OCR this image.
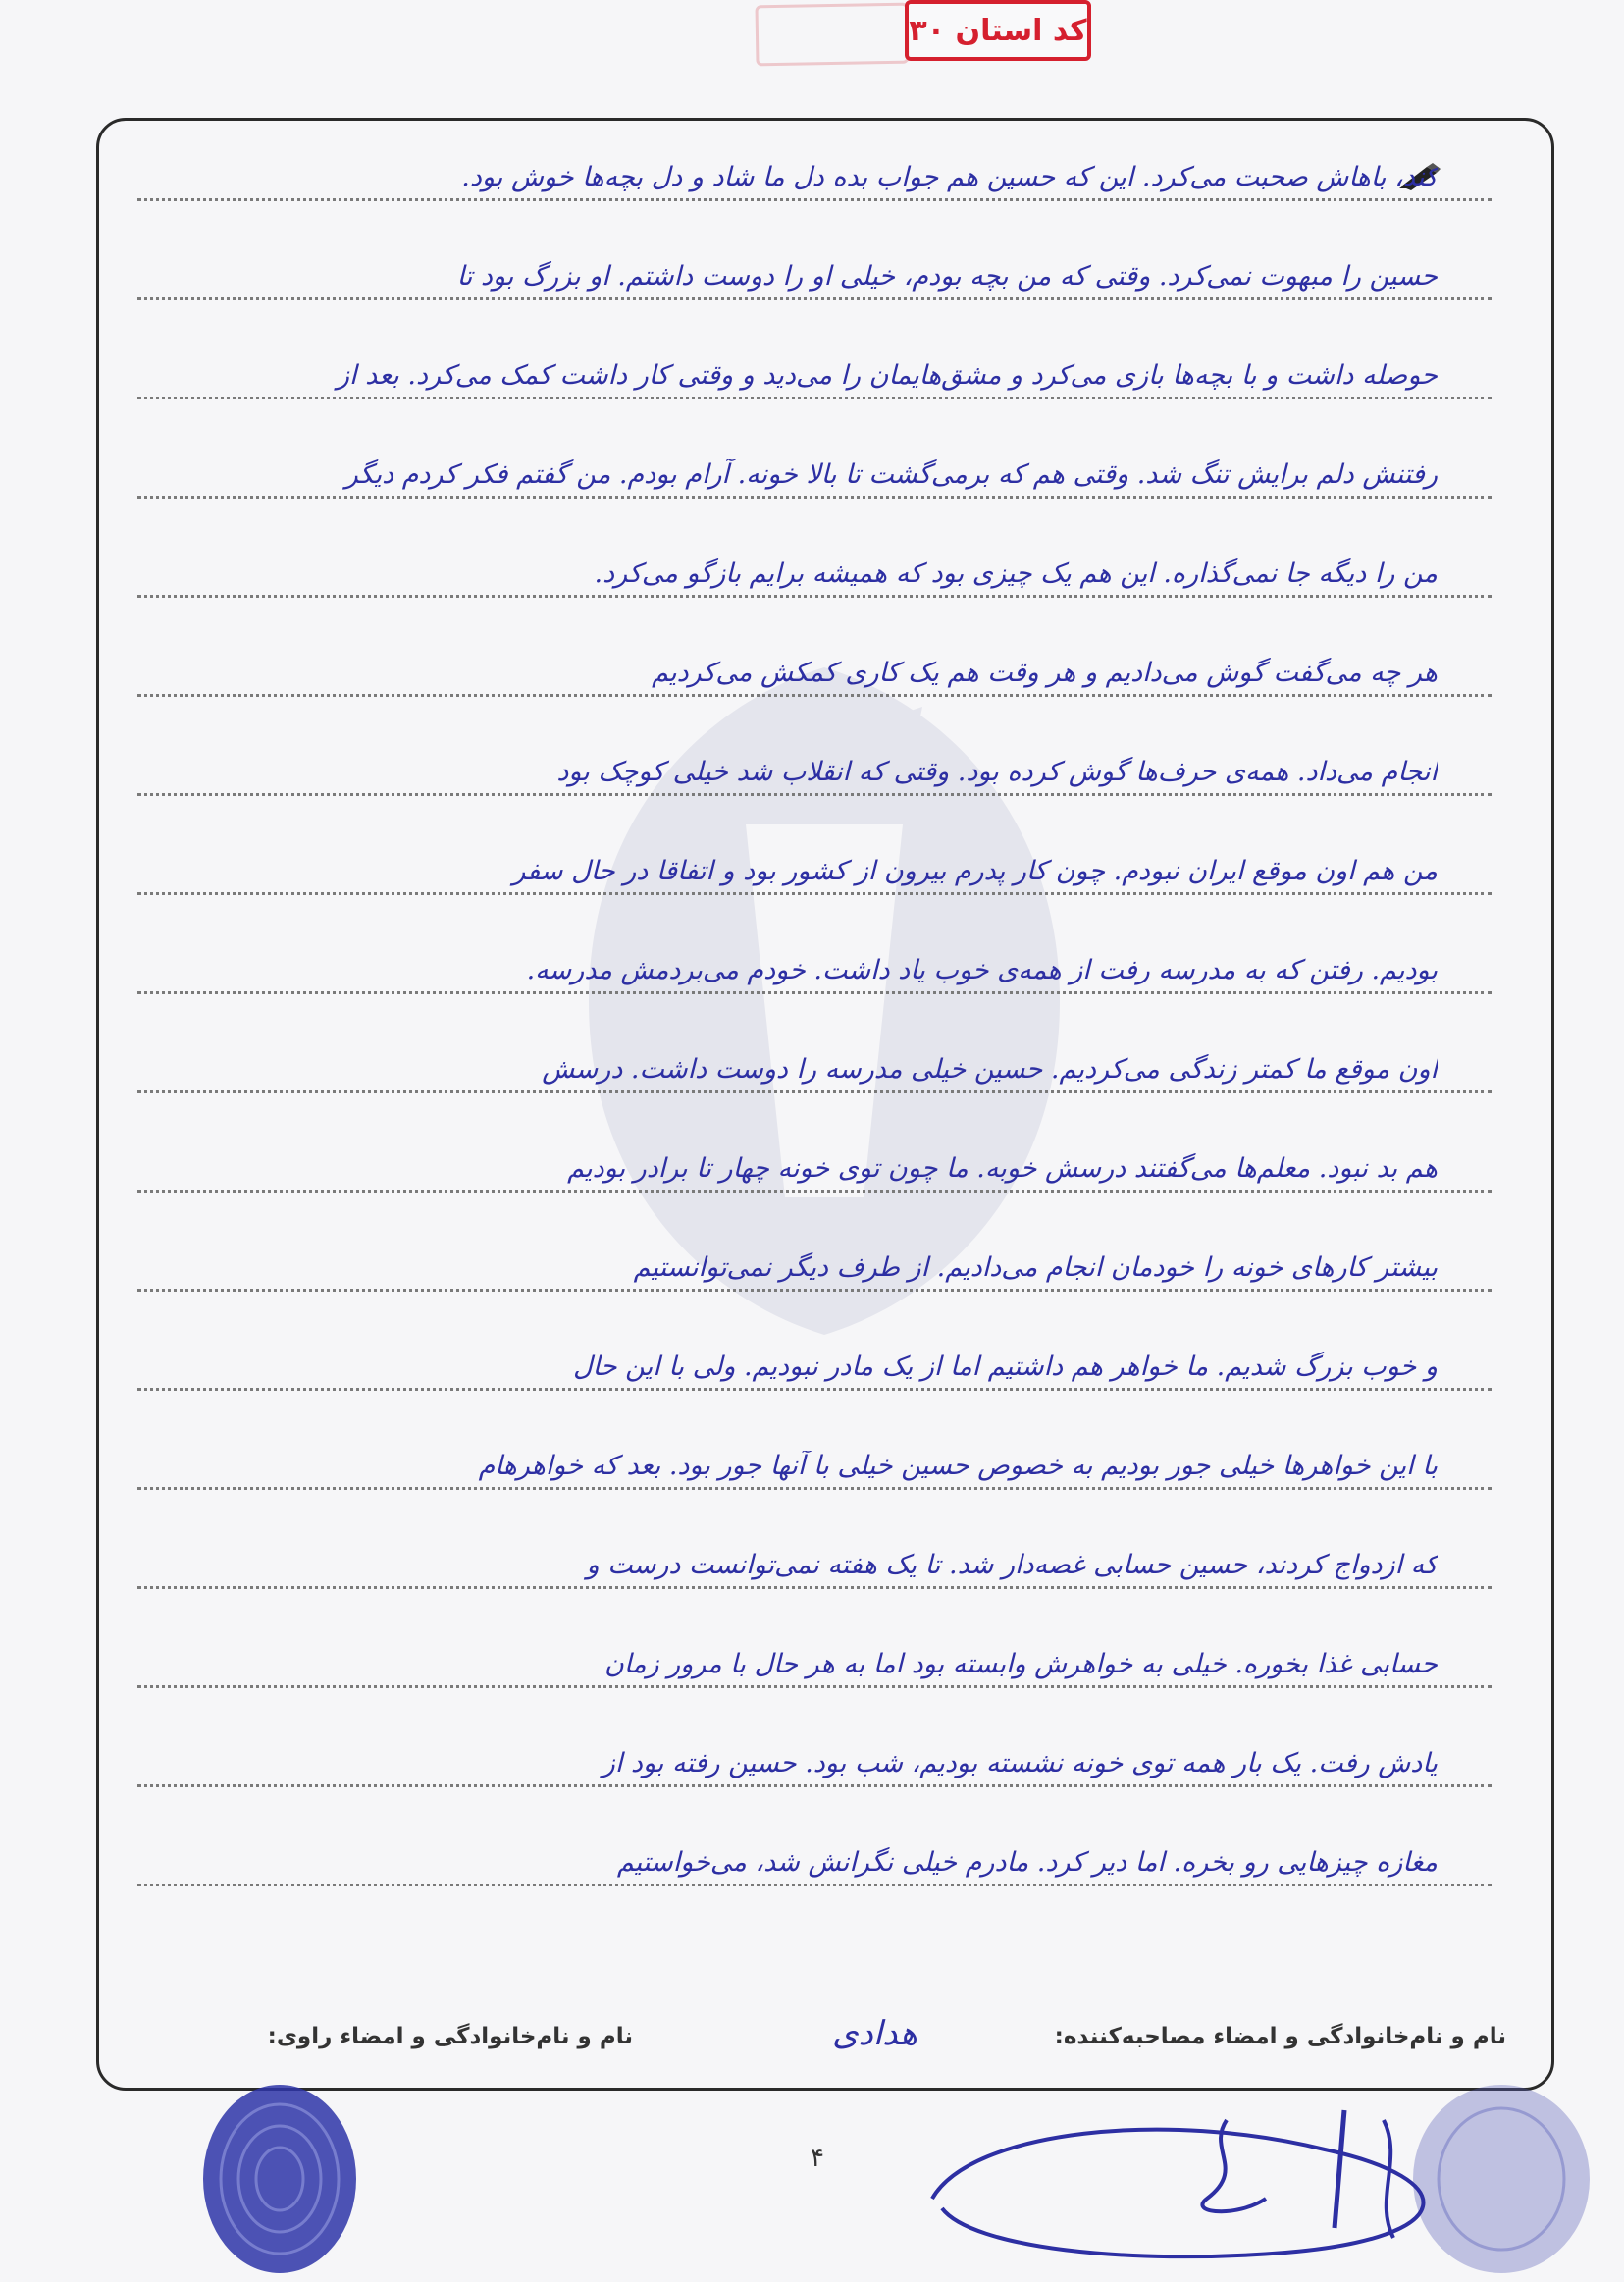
کد استان ۳۰
کند، باهاش صحبت می‌کرد. این که حسین هم جواب بده دل ما شاد و دل بچه‌ها خوش بود.
حسین را مبهوت نمی‌کرد. وقتی که من بچه بودم، خیلی او را دوست داشتم. او بزرگ بود تا
حوصله داشت و با بچه‌ها بازی می‌کرد و مشق‌هایمان را می‌دید و وقتی کار داشت کمک می‌کرد. بعد از
رفتنش دلم برایش تنگ شد. وقتی هم که برمی‌گشت تا بالا خونه. آرام بودم. من گفتم فکر کردم دیگر
من را دیگه جا نمی‌گذاره. این هم یک چیزی بود که همیشه برایم بازگو می‌کرد.
هر چه می‌گفت گوش می‌دادیم و هر وقت هم یک کاری کمکش می‌کردیم
انجام می‌داد. همه‌ی حرف‌ها گوش کرده بود. وقتی که انقلاب شد خیلی کوچک بود
من هم اون موقع ایران نبودم. چون کار پدرم بیرون از کشور بود و اتفاقا در حال سفر
بودیم. رفتن که به مدرسه رفت از همه‌ی خوب یاد داشت. خودم می‌بردمش مدرسه.
اون موقع ما کمتر زندگی می‌کردیم. حسین خیلی مدرسه را دوست داشت. درسش
هم بد نبود. معلم‌ها می‌گفتند درسش خوبه. ما چون توی خونه چهار تا برادر بودیم
بیشتر کارهای خونه را خودمان انجام می‌دادیم. از طرف دیگر نمی‌توانستیم
و خوب بزرگ شدیم. ما خواهر هم داشتیم اما از یک مادر نبودیم. ولی با این حال
با این خواهرها خیلی جور بودیم به خصوص حسین خیلی با آنها جور بود. بعد که خواهرهام
که ازدواج کردند، حسین حسابی غصه‌دار شد. تا یک هفته نمی‌توانست درست و
حسابی غذا بخوره. خیلی به خواهرش وابسته بود اما به هر حال با مرور زمان
یادش رفت. یک بار همه توی خونه نشسته بودیم، شب بود. حسین رفته بود از
مغازه چیزهایی رو بخره. اما دیر کرد. مادرم خیلی نگرانش شد، می‌خواستیم
نام و نام‌خانوادگی و امضاء مصاحبه‌کننده:
هدادی
نام و نام‌خانوادگی و امضاء راوی:
۴
